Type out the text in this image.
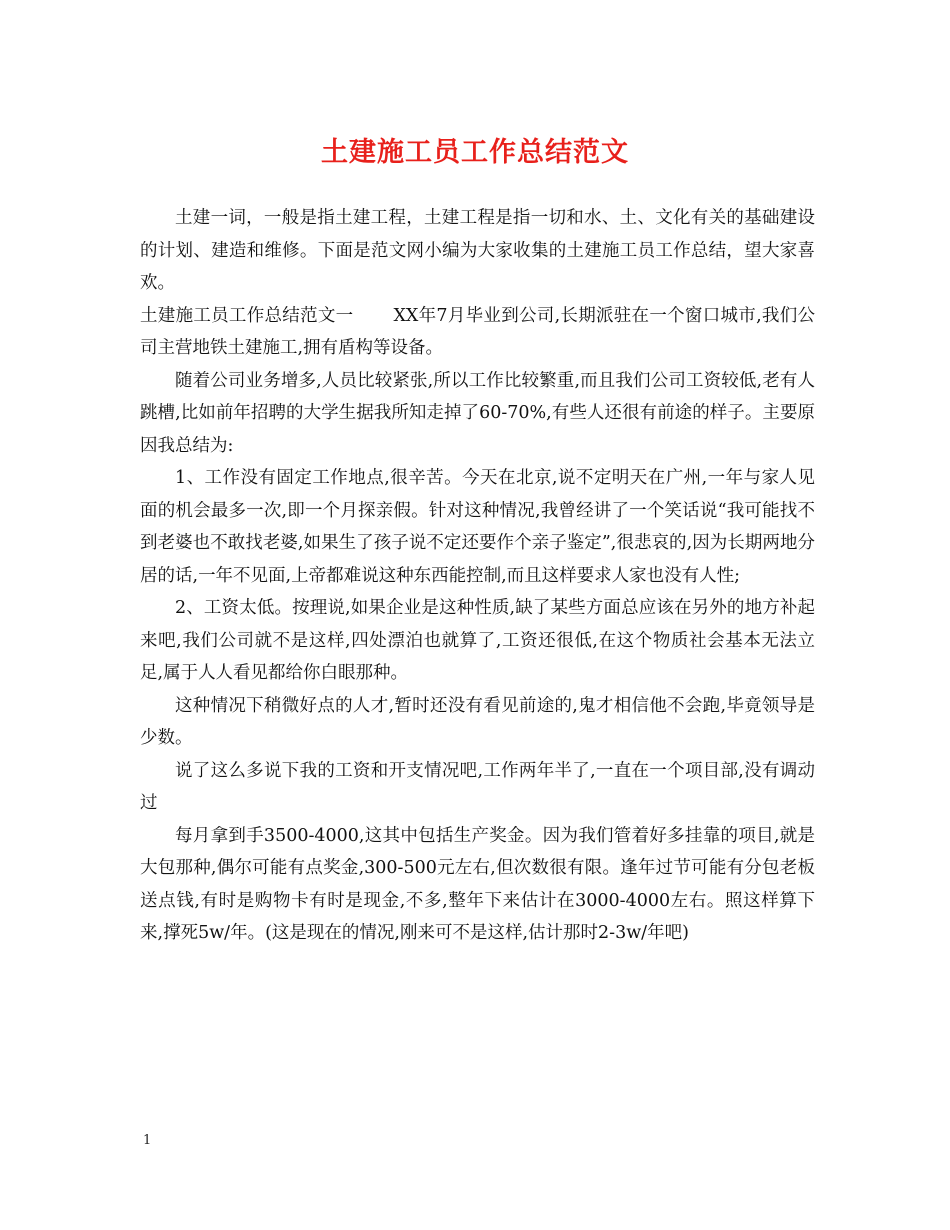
土建施工员工作总结范文

土建一词，一般是指土建工程，土建工程是指一切和水、土、文化有关的基础建设的计划、建造和维修。下面是范文网小编为大家收集的土建施工员工作总结，望大家喜欢。

土建施工员工作总结范文一 XX年7月毕业到公司,长期派驻在一个窗口城市,我们公司主营地铁土建施工,拥有盾构等设备。

随着公司业务增多,人员比较紧张,所以工作比较繁重,而且我们公司工资较低,老有人跳槽,比如前年招聘的大学生据我所知走掉了60-70%,有些人还很有前途的样子。主要原因我总结为:

1、工作没有固定工作地点,很辛苦。今天在北京,说不定明天在广州,一年与家人见面的机会最多一次,即一个月探亲假。针对这种情况,我曾经讲了一个笑话说“我可能找不到老婆也不敢找老婆,如果生了孩子说不定还要作个亲子鉴定”,很悲哀的,因为长期两地分居的话,一年不见面,上帝都难说这种东西能控制,而且这样要求人家也没有人性;

2、工资太低。按理说,如果企业是这种性质,缺了某些方面总应该在另外的地方补起来吧,我们公司就不是这样,四处漂泊也就算了,工资还很低,在这个物质社会基本无法立足,属于人人看见都给你白眼那种。

这种情况下稍微好点的人才,暂时还没有看见前途的,鬼才相信他不会跑,毕竟领导是少数。

说了这么多说下我的工资和开支情况吧,工作两年半了,一直在一个项目部,没有调动过

每月拿到手3500-4000,这其中包括生产奖金。因为我们管着好多挂靠的项目,就是大包那种,偶尔可能有点奖金,300-500元左右,但次数很有限。逢年过节可能有分包老板送点钱,有时是购物卡有时是现金,不多,整年下来估计在3000-4000左右。照这样算下来,撑死5w/年。(这是现在的情况,刚来可不是这样,估计那时2-3w/年吧)

1
